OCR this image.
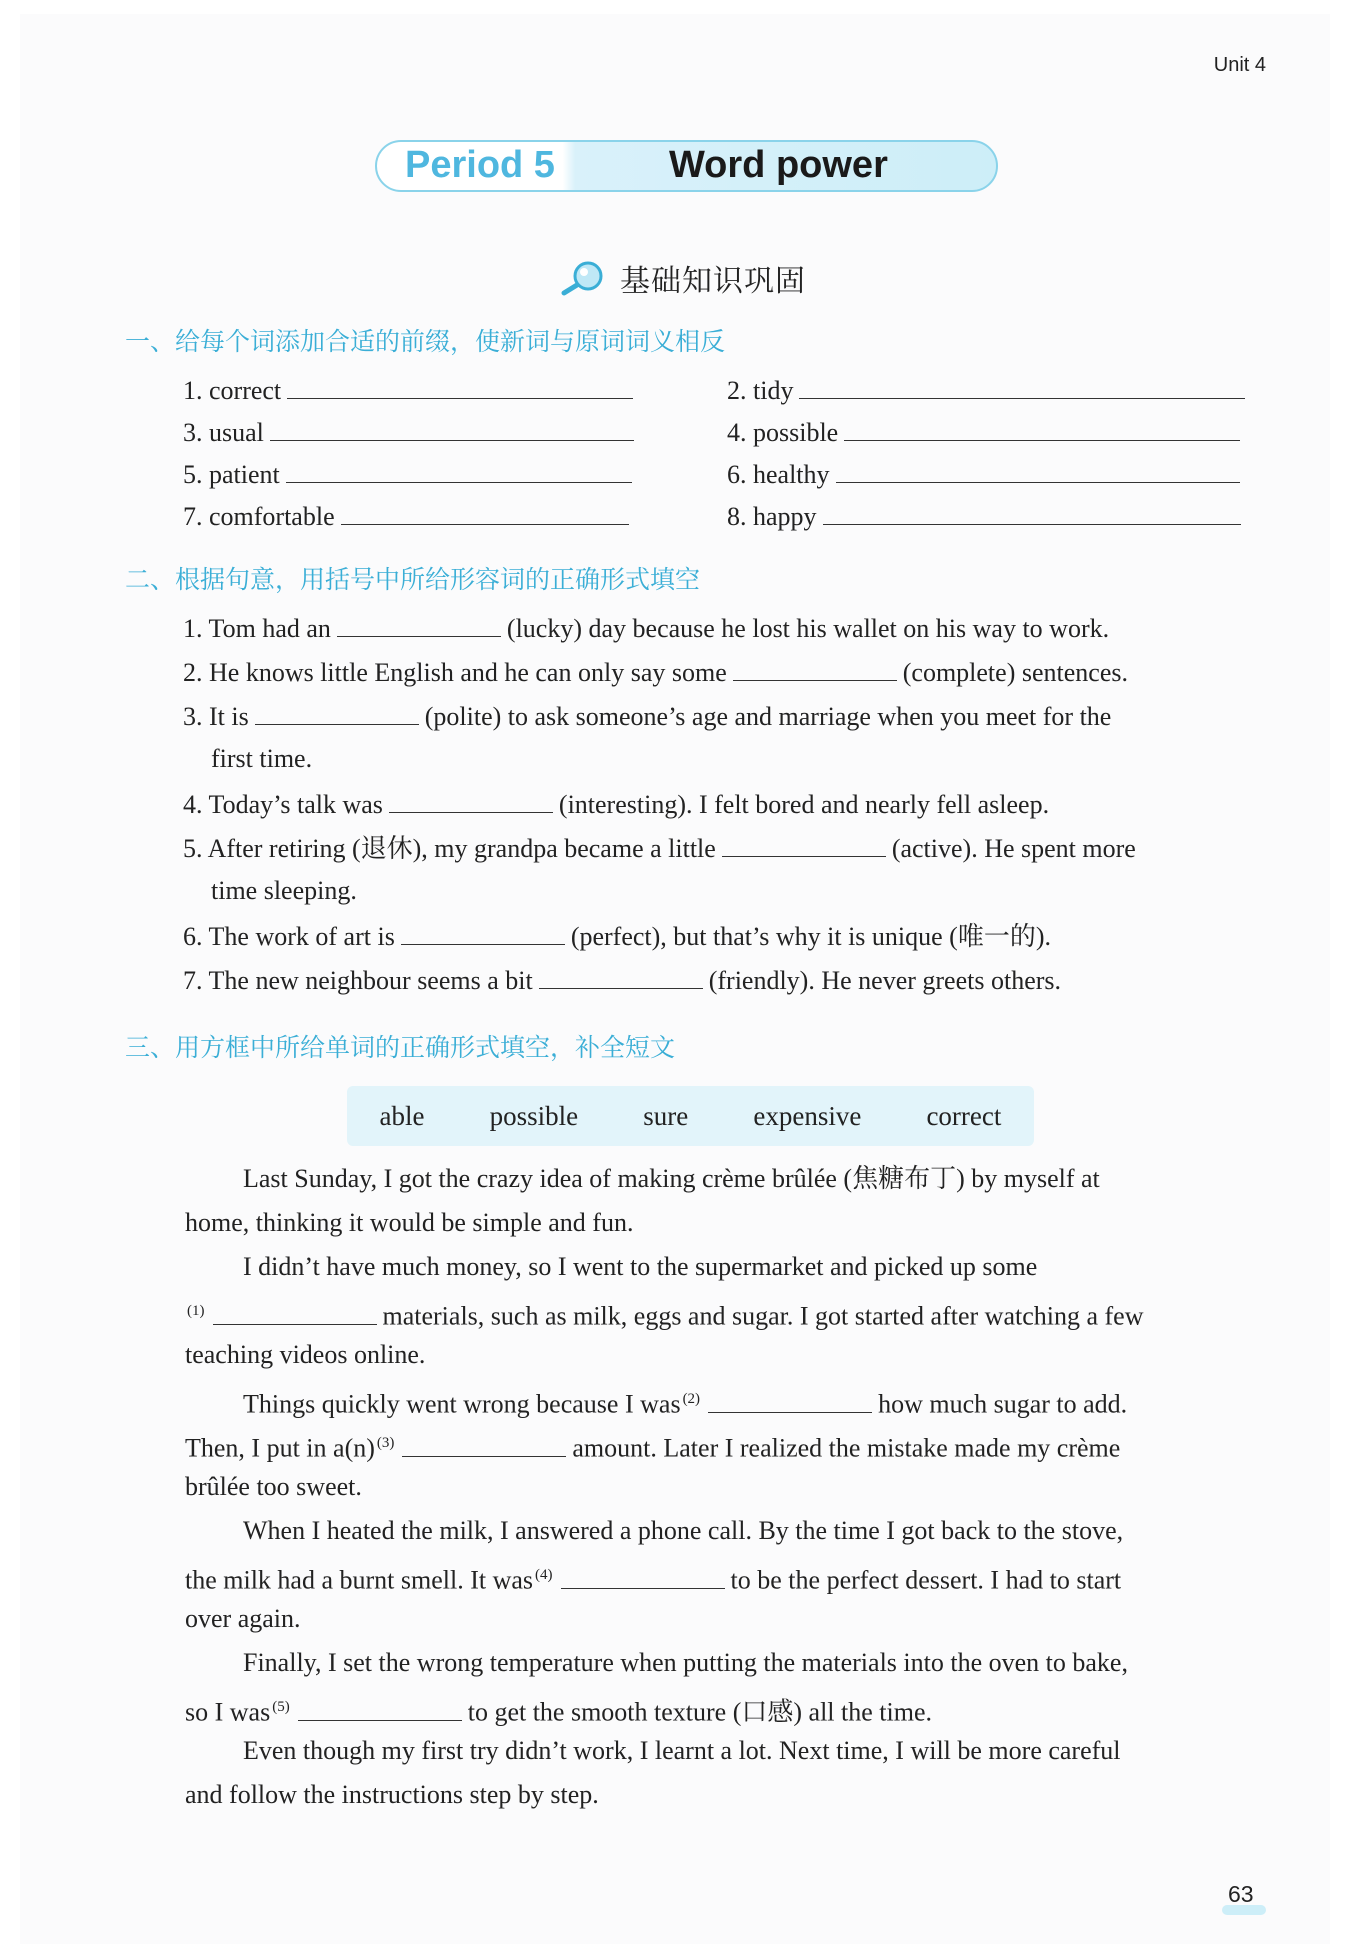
Unit 4
Period 5	Word power
基础知识巩固
一、给每个词添加合适的前缀，使新词与原词词义相反
1. correct	2. tidy
3. usual	4. possible
5. patient	6. healthy
7. comfortable	8. happy
二、根据句意，用括号中所给形容词的正确形式填空
1. Tom had an	(lucky) day because he lost his wallet on his way to work.
2. He knows little English and he can only say some	(complete) sentences.
3. It is	(polite) to ask someone’s age and marriage when you meet for the
first time.
4. Today’s talk was	(interesting). I felt bored and nearly fell asleep.
5. After retiring (退休), my grandpa became a little	(active). He spent more
time sleeping.
6. The work of art is	(perfect), but that’s why it is unique (唯一的).
7. The new neighbour seems a bit	(friendly). He never greets others.
三、用方框中所给单词的正确形式填空，补全短文
able possible sure expensive correct
Last Sunday, I got the crazy idea of making crème brûlée (焦糖布丁) by myself at
home, thinking it would be simple and fun.
I didn’t have much money, so I went to the supermarket and picked up some
$^{(1)}$	materials, such as milk, eggs and sugar. I got started after watching a few
teaching videos online.
Things quickly went wrong because I was $^{(2)}$	how much sugar to add.
Then, I put in a(n) $^{(3)}$	amount. Later I realized the mistake made my crème
brûlée too sweet.
When I heated the milk, I answered a phone call. By the time I got back to the stove,
the milk had a burnt smell. It was $^{(4)}$	to be the perfect dessert. I had to start
over again.
Finally, I set the wrong temperature when putting the materials into the oven to bake,
so I was $^{(5)}$	to get the smooth texture (口感) all the time.
Even though my first try didn’t work, I learnt a lot. Next time, I will be more careful
and follow the instructions step by step.
63
